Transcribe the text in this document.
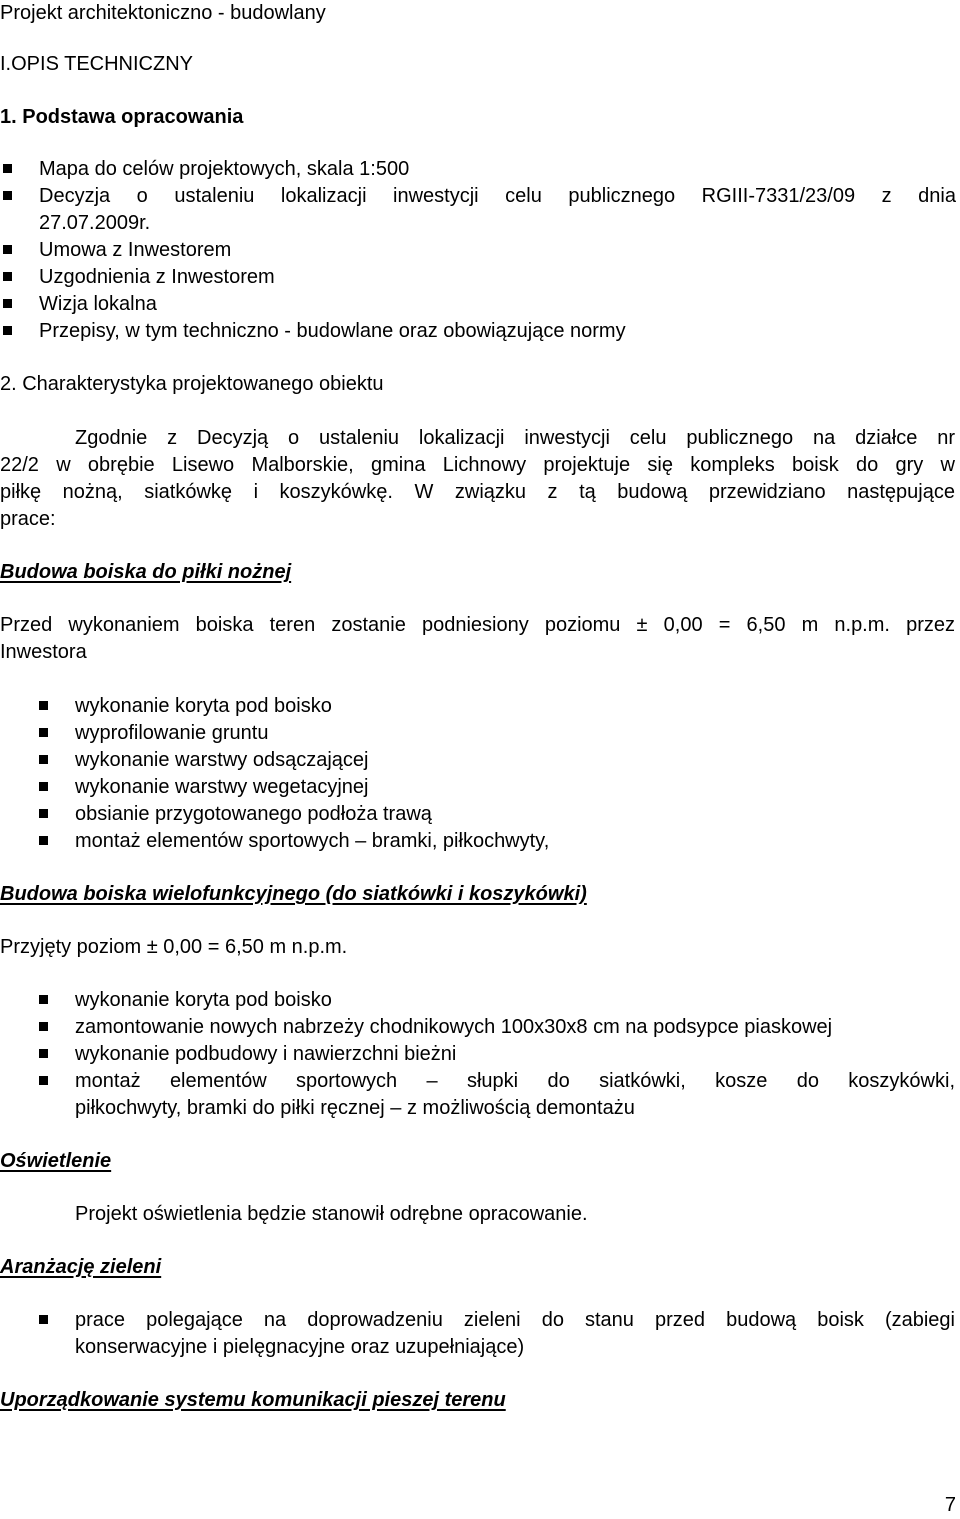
Projekt architektoniczno - budowlany
I.OPIS TECHNICZNY
1. Podstawa opracowania
Mapa do celów projektowych, skala 1:500
Decyzja o ustaleniu lokalizacji inwestycji celu publicznego RGIII-7331/23/09 z dnia
27.07.2009r.
Umowa z Inwestorem
Uzgodnienia z Inwestorem
Wizja lokalna
Przepisy, w tym techniczno - budowlane oraz obowiązujące normy
2. Charakterystyka projektowanego obiektu
Zgodnie z Decyzją o ustaleniu lokalizacji inwestycji celu publicznego na działce nr
22/2 w obrębie Lisewo Malborskie, gmina Lichnowy projektuje się kompleks boisk do gry w
piłkę nożną, siatkówkę i koszykówkę. W związku z tą budową przewidziano następujące
prace:
Budowa boiska do piłki nożnej
Przed wykonaniem boiska teren zostanie podniesiony poziomu ± 0,00 = 6,50 m n.p.m. przez
Inwestora
wykonanie koryta pod boisko
wyprofilowanie gruntu
wykonanie warstwy odsączającej
wykonanie warstwy wegetacyjnej
obsianie przygotowanego podłoża trawą
montaż elementów sportowych – bramki, piłkochwyty,
Budowa boiska wielofunkcyjnego (do siatkówki i koszykówki)
Przyjęty poziom ± 0,00 = 6,50 m n.p.m.
wykonanie koryta pod boisko
zamontowanie nowych nabrzeży chodnikowych 100x30x8 cm na podsypce piaskowej
wykonanie podbudowy i nawierzchni bieżni
montaż elementów sportowych – słupki do siatkówki, kosze do koszykówki,
piłkochwyty, bramki do piłki ręcznej – z możliwością demontażu
Oświetlenie
Projekt oświetlenia będzie stanowił odrębne opracowanie.
Aranżację zieleni
prace polegające na doprowadzeniu zieleni do stanu przed budową boisk (zabiegi
konserwacyjne i pielęgnacyjne oraz uzupełniające)
Uporządkowanie systemu komunikacji pieszej terenu
7
